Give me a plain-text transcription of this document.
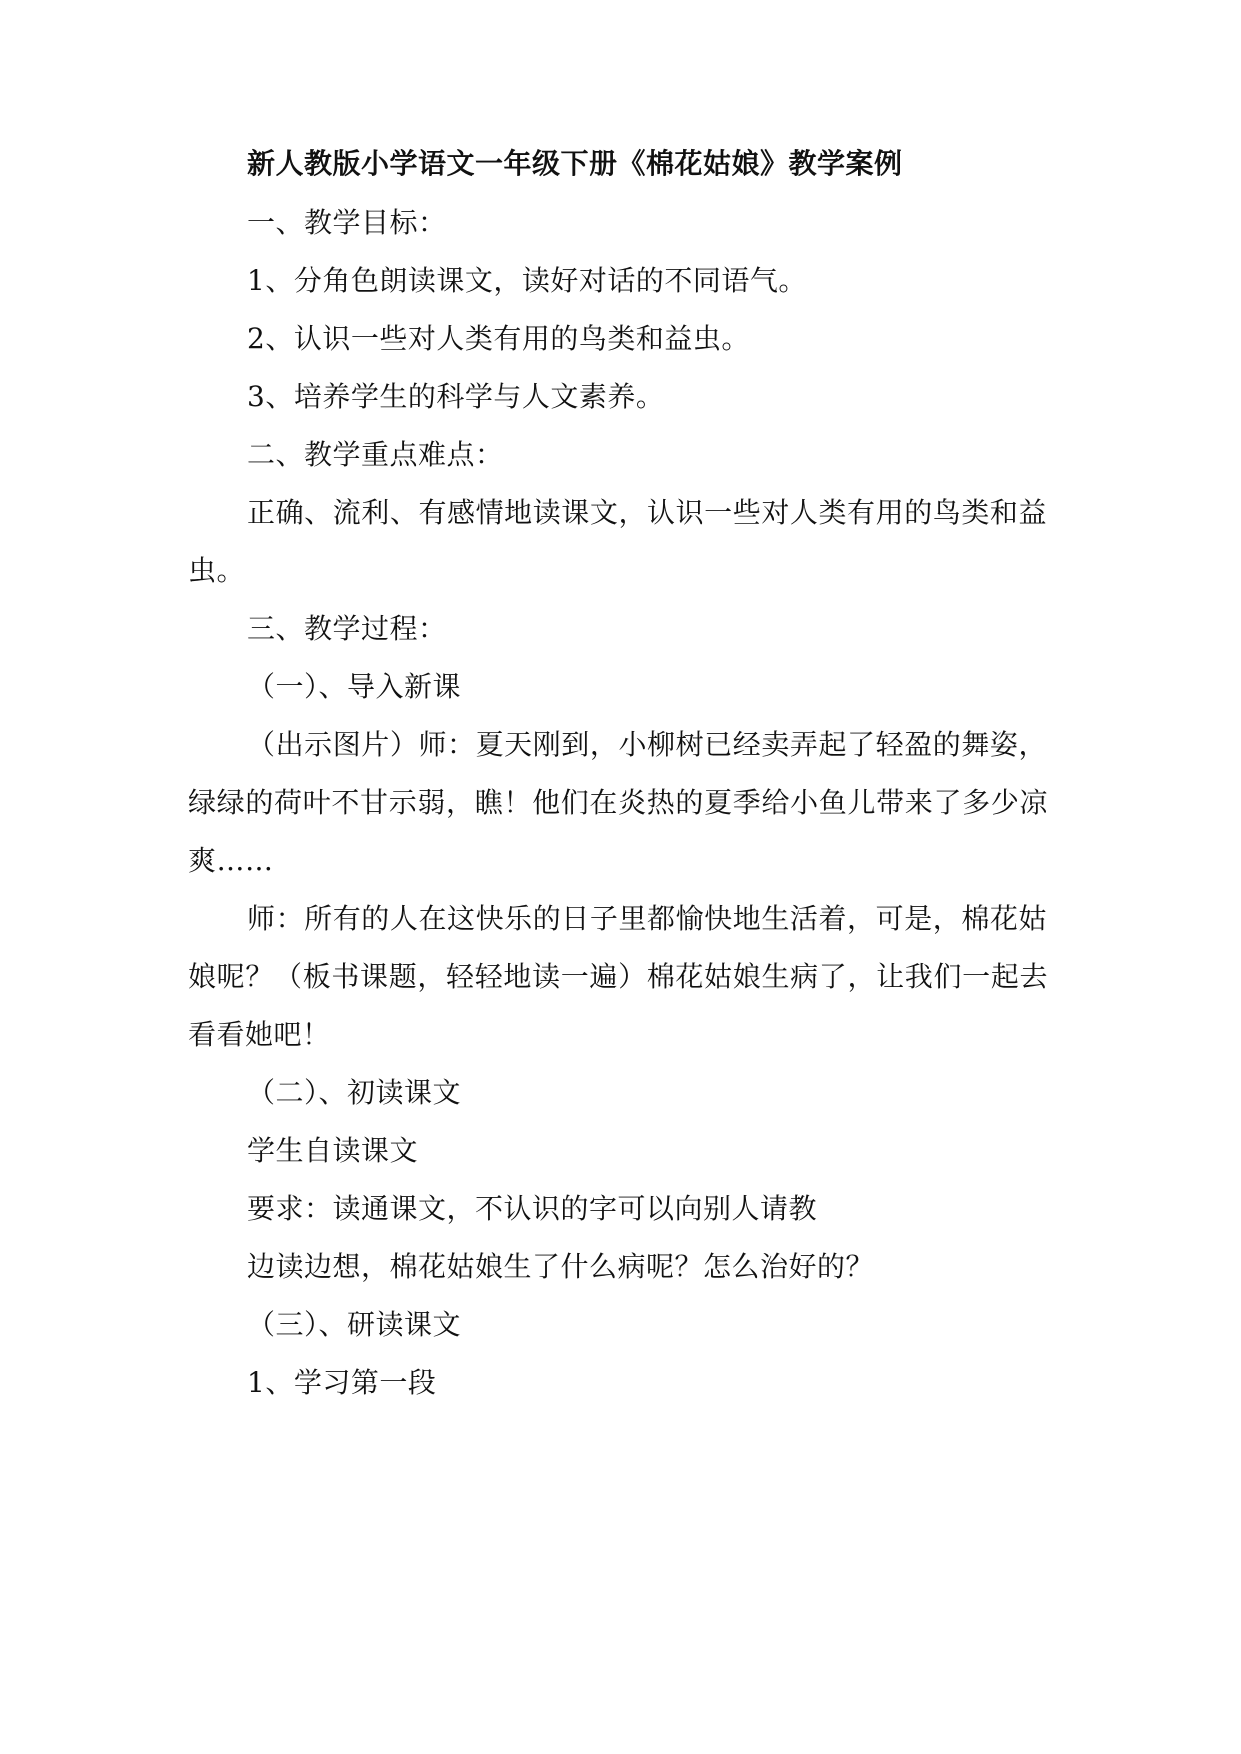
新人教版小学语文一年级下册《棉花姑娘》教学案例
一、教学目标：
1、分角色朗读课文，读好对话的不同语气。
2、认识一些对人类有用的鸟类和益虫。
3、培养学生的科学与人文素养。
二、教学重点难点：
正确、流利、有感情地读课文，认识一些对人类有用的鸟类和益
虫。
三、教学过程：
（一）、导入新课
（出示图片）师：夏天刚到，小柳树已经卖弄起了轻盈的舞姿，
绿绿的荷叶不甘示弱，瞧！他们在炎热的夏季给小鱼儿带来了多少凉
爽……
师：所有的人在这快乐的日子里都愉快地生活着，可是，棉花姑
娘呢？（板书课题，轻轻地读一遍）棉花姑娘生病了，让我们一起去
看看她吧！
（二）、初读课文
学生自读课文
要求：读通课文，不认识的字可以向别人请教
边读边想，棉花姑娘生了什么病呢？怎么治好的？
（三）、研读课文
1、学习第一段
